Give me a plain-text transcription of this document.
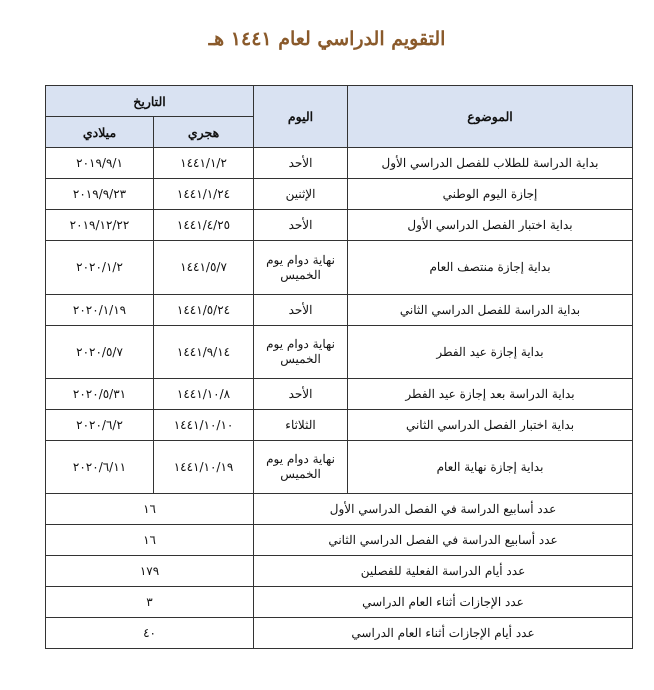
التقويم الدراسي لعام ١٤٤١ هـ
الموضوع	اليوم	التاريخ	
		هجري	ميلادي
بداية الدراسة للطلاب للفصل الدراسي الأول	الأحد	١٤٤١/١/٢	٢٠١٩/٩/١
إجازة اليوم الوطني	الإثنين	١٤٤١/١/٢٤	٢٠١٩/٩/٢٣
بداية اختبار الفصل الدراسي الأول	الأحد	١٤٤١/٤/٢٥	٢٠١٩/١٢/٢٢
بداية إجازة منتصف العام	نهاية دوام يوم الخميس	١٤٤١/٥/٧	٢٠٢٠/١/٢
بداية الدراسة للفصل الدراسي الثاني	الأحد	١٤٤١/٥/٢٤	٢٠٢٠/١/١٩
بداية إجازة عيد الفطر	نهاية دوام يوم الخميس	١٤٤١/٩/١٤	٢٠٢٠/٥/٧
بداية الدراسة بعد إجازة عيد الفطر	الأحد	١٤٤١/١٠/٨	٢٠٢٠/٥/٣١
بداية اختبار الفصل الدراسي الثاني	الثلاثاء	١٤٤١/١٠/١٠	٢٠٢٠/٦/٢
بداية إجازة نهاية العام	نهاية دوام يوم الخميس	١٤٤١/١٠/١٩	٢٠٢٠/٦/١١
عدد أسابيع الدراسة في الفصل الدراسي الأول		١٦	
عدد أسابيع الدراسة في الفصل الدراسي الثاني		١٦	
عدد أيام الدراسة الفعلية للفصلين		١٧٩	
عدد الإجازات أثناء العام الدراسي		٣	
عدد أيام الإجازات أثناء العام الدراسي		٤٠	
